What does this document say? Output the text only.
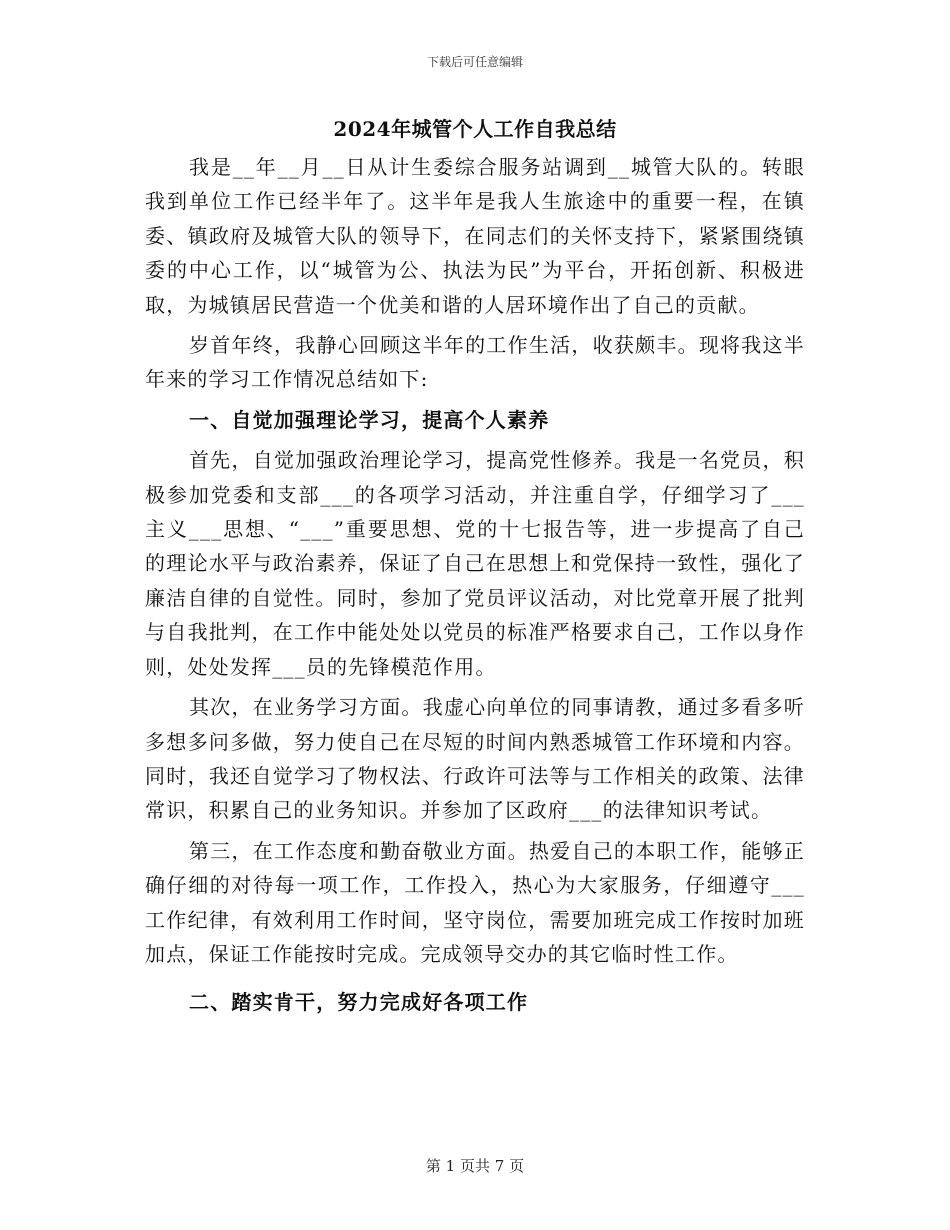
下载后可任意编辑
2024年城管个人工作自我总结

我是__年__月__日从计生委综合服务站调到__城管大队的。转眼我到单位工作已经半年了。这半年是我人生旅途中的重要一程，在镇委、镇政府及城管大队的领导下，在同志们的关怀支持下，紧紧围绕镇委的中心工作，以“城管为公、执法为民”为平台，开拓创新、积极进取，为城镇居民营造一个优美和谐的人居环境作出了自己的贡献。

岁首年终，我静心回顾这半年的工作生活，收获颇丰。现将我这半年来的学习工作情况总结如下:

一、自觉加强理论学习，提高个人素养

首先，自觉加强政治理论学习，提高党性修养。我是一名党员，积极参加党委和支部___的各项学习活动，并注重自学，仔细学习了___主义___思想、“___”重要思想、党的十七报告等，进一步提高了自己的理论水平与政治素养，保证了自己在思想上和党保持一致性，强化了廉洁自律的自觉性。同时，参加了党员评议活动，对比党章开展了批判与自我批判，在工作中能处处以党员的标准严格要求自己，工作以身作则，处处发挥___员的先锋模范作用。

其次，在业务学习方面。我虚心向单位的同事请教，通过多看多听多想多问多做，努力使自己在尽短的时间内熟悉城管工作环境和内容。同时，我还自觉学习了物权法、行政许可法等与工作相关的政策、法律常识，积累自己的业务知识。并参加了区政府___的法律知识考试。

第三，在工作态度和勤奋敬业方面。热爱自己的本职工作，能够正确仔细的对待每一项工作，工作投入，热心为大家服务，仔细遵守___工作纪律，有效利用工作时间，坚守岗位，需要加班完成工作按时加班加点，保证工作能按时完成。完成领导交办的其它临时性工作。

二、踏实肯干，努力完成好各项工作
第 1 页共 7 页
